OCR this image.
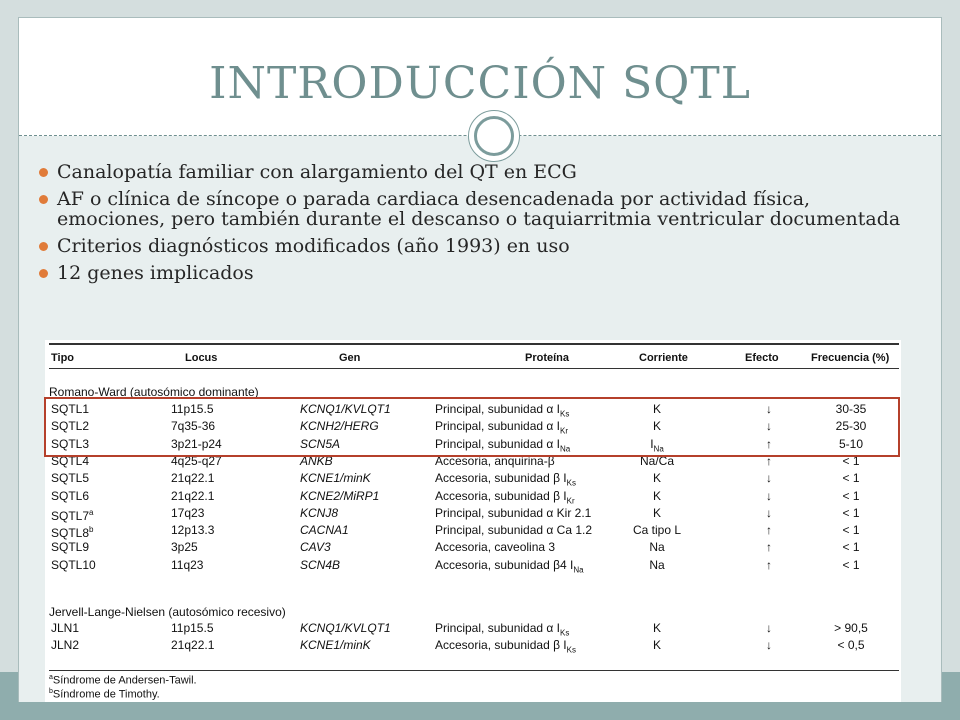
INTRODUCCIÓN SQTL
Canalopatía familiar con alargamiento del QT en ECG
AF o clínica de síncope o parada cardiaca desencadenada por actividad física, emociones, pero también durante el descanso o taquiarritmia ventricular documentada
Criterios diagnósticos modificados (año 1993) en uso
12 genes implicados
Tipo	Locus	Gen	Proteína	Corriente	Efecto	Frecuencia (%)
Romano-Ward (autosómico dominante)
Jervell-Lange-Nielsen (autosómico recesivo)
$^a$Síndrome de Andersen-Tawil.
$^b$Síndrome de Timothy.
SQTL1	11p15.5	KCNQ1/KVLQT1	Principal, subunidad α $I_{Ks}$	K	↓	30-35
SQTL2	7q35-36	KCNH2/HERG	Principal, subunidad α $I_{Kr}$	K	↓	25-30
SQTL3	3p21-p24	SCN5A	Principal, subunidad α $I_{Na}$	$I_{Na}$	↑	5-10
SQTL4	4q25-q27	ANKB	Accesoria, anquirina-β	Na/Ca	↑	< 1
SQTL5	21q22.1	KCNE1/minK	Accesoria, subunidad β $I_{Ks}$	K	↓	< 1
SQTL6	21q22.1	KCNE2/MiRP1	Accesoria, subunidad β $I_{Kr}$	K	↓	< 1
SQTL7$^a$	17q23	KCNJ8	Principal, subunidad α Kir 2.1	K	↓	< 1
SQTL8$^b$	12p13.3	CACNA1	Principal, subunidad α Ca 1.2	Ca tipo L	↑	< 1
SQTL9	3p25	CAV3	Accesoria, caveolina 3	Na	↑	< 1
SQTL10	11q23	SCN4B	Accesoria, subunidad β4 $I_{Na}$	Na	↑	< 1
JLN1	11p15.5	KCNQ1/KVLQT1	Principal, subunidad α $I_{Ks}$	K	↓	> 90,5
JLN2	21q22.1	KCNE1/minK	Accesoria, subunidad β $I_{Ks}$	K	↓	< 0,5
